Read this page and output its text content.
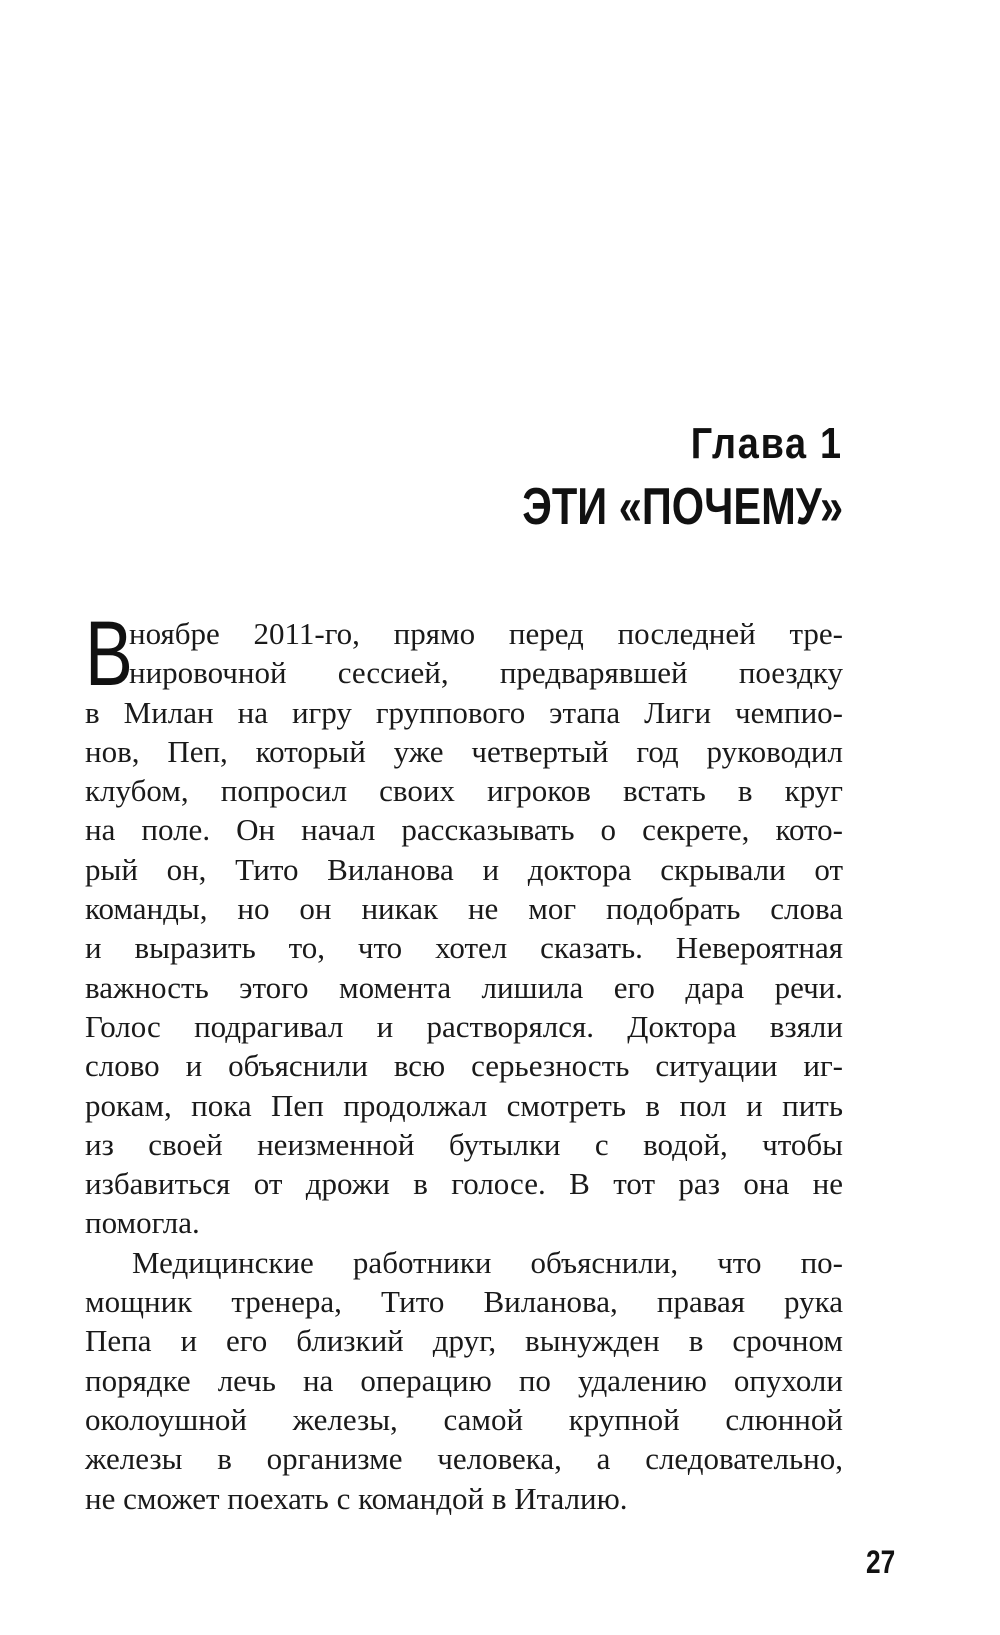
Глава 1
ЭТИ «ПОЧЕМУ»
В
ноябре 2011-го, прямо перед последней тре-
нировочной сессией, предварявшей поездку
в Милан на игру группового этапа Лиги чемпио-
нов, Пеп, который уже четвертый год руководил
клубом, попросил своих игроков встать в круг
на поле. Он начал рассказывать о секрете, кото-
рый он, Тито Виланова и доктора скрывали от
команды, но он никак не мог подобрать слова
и выразить то, что хотел сказать. Невероятная
важность этого момента лишила его дара речи.
Голос подрагивал и растворялся. Доктора взяли
слово и объяснили всю серьезность ситуации иг-
рокам, пока Пеп продолжал смотреть в пол и пить
из своей неизменной бутылки с водой, чтобы
избавиться от дрожи в голосе. В тот раз она не
помогла.
Медицинские работники объяснили, что по-
мощник тренера, Тито Виланова, правая рука
Пепа и его близкий друг, вынужден в срочном
порядке лечь на операцию по удалению опухоли
околоушной железы, самой крупной слюнной
железы в организме человека, а следовательно,
не сможет поехать с командой в Италию.
27
